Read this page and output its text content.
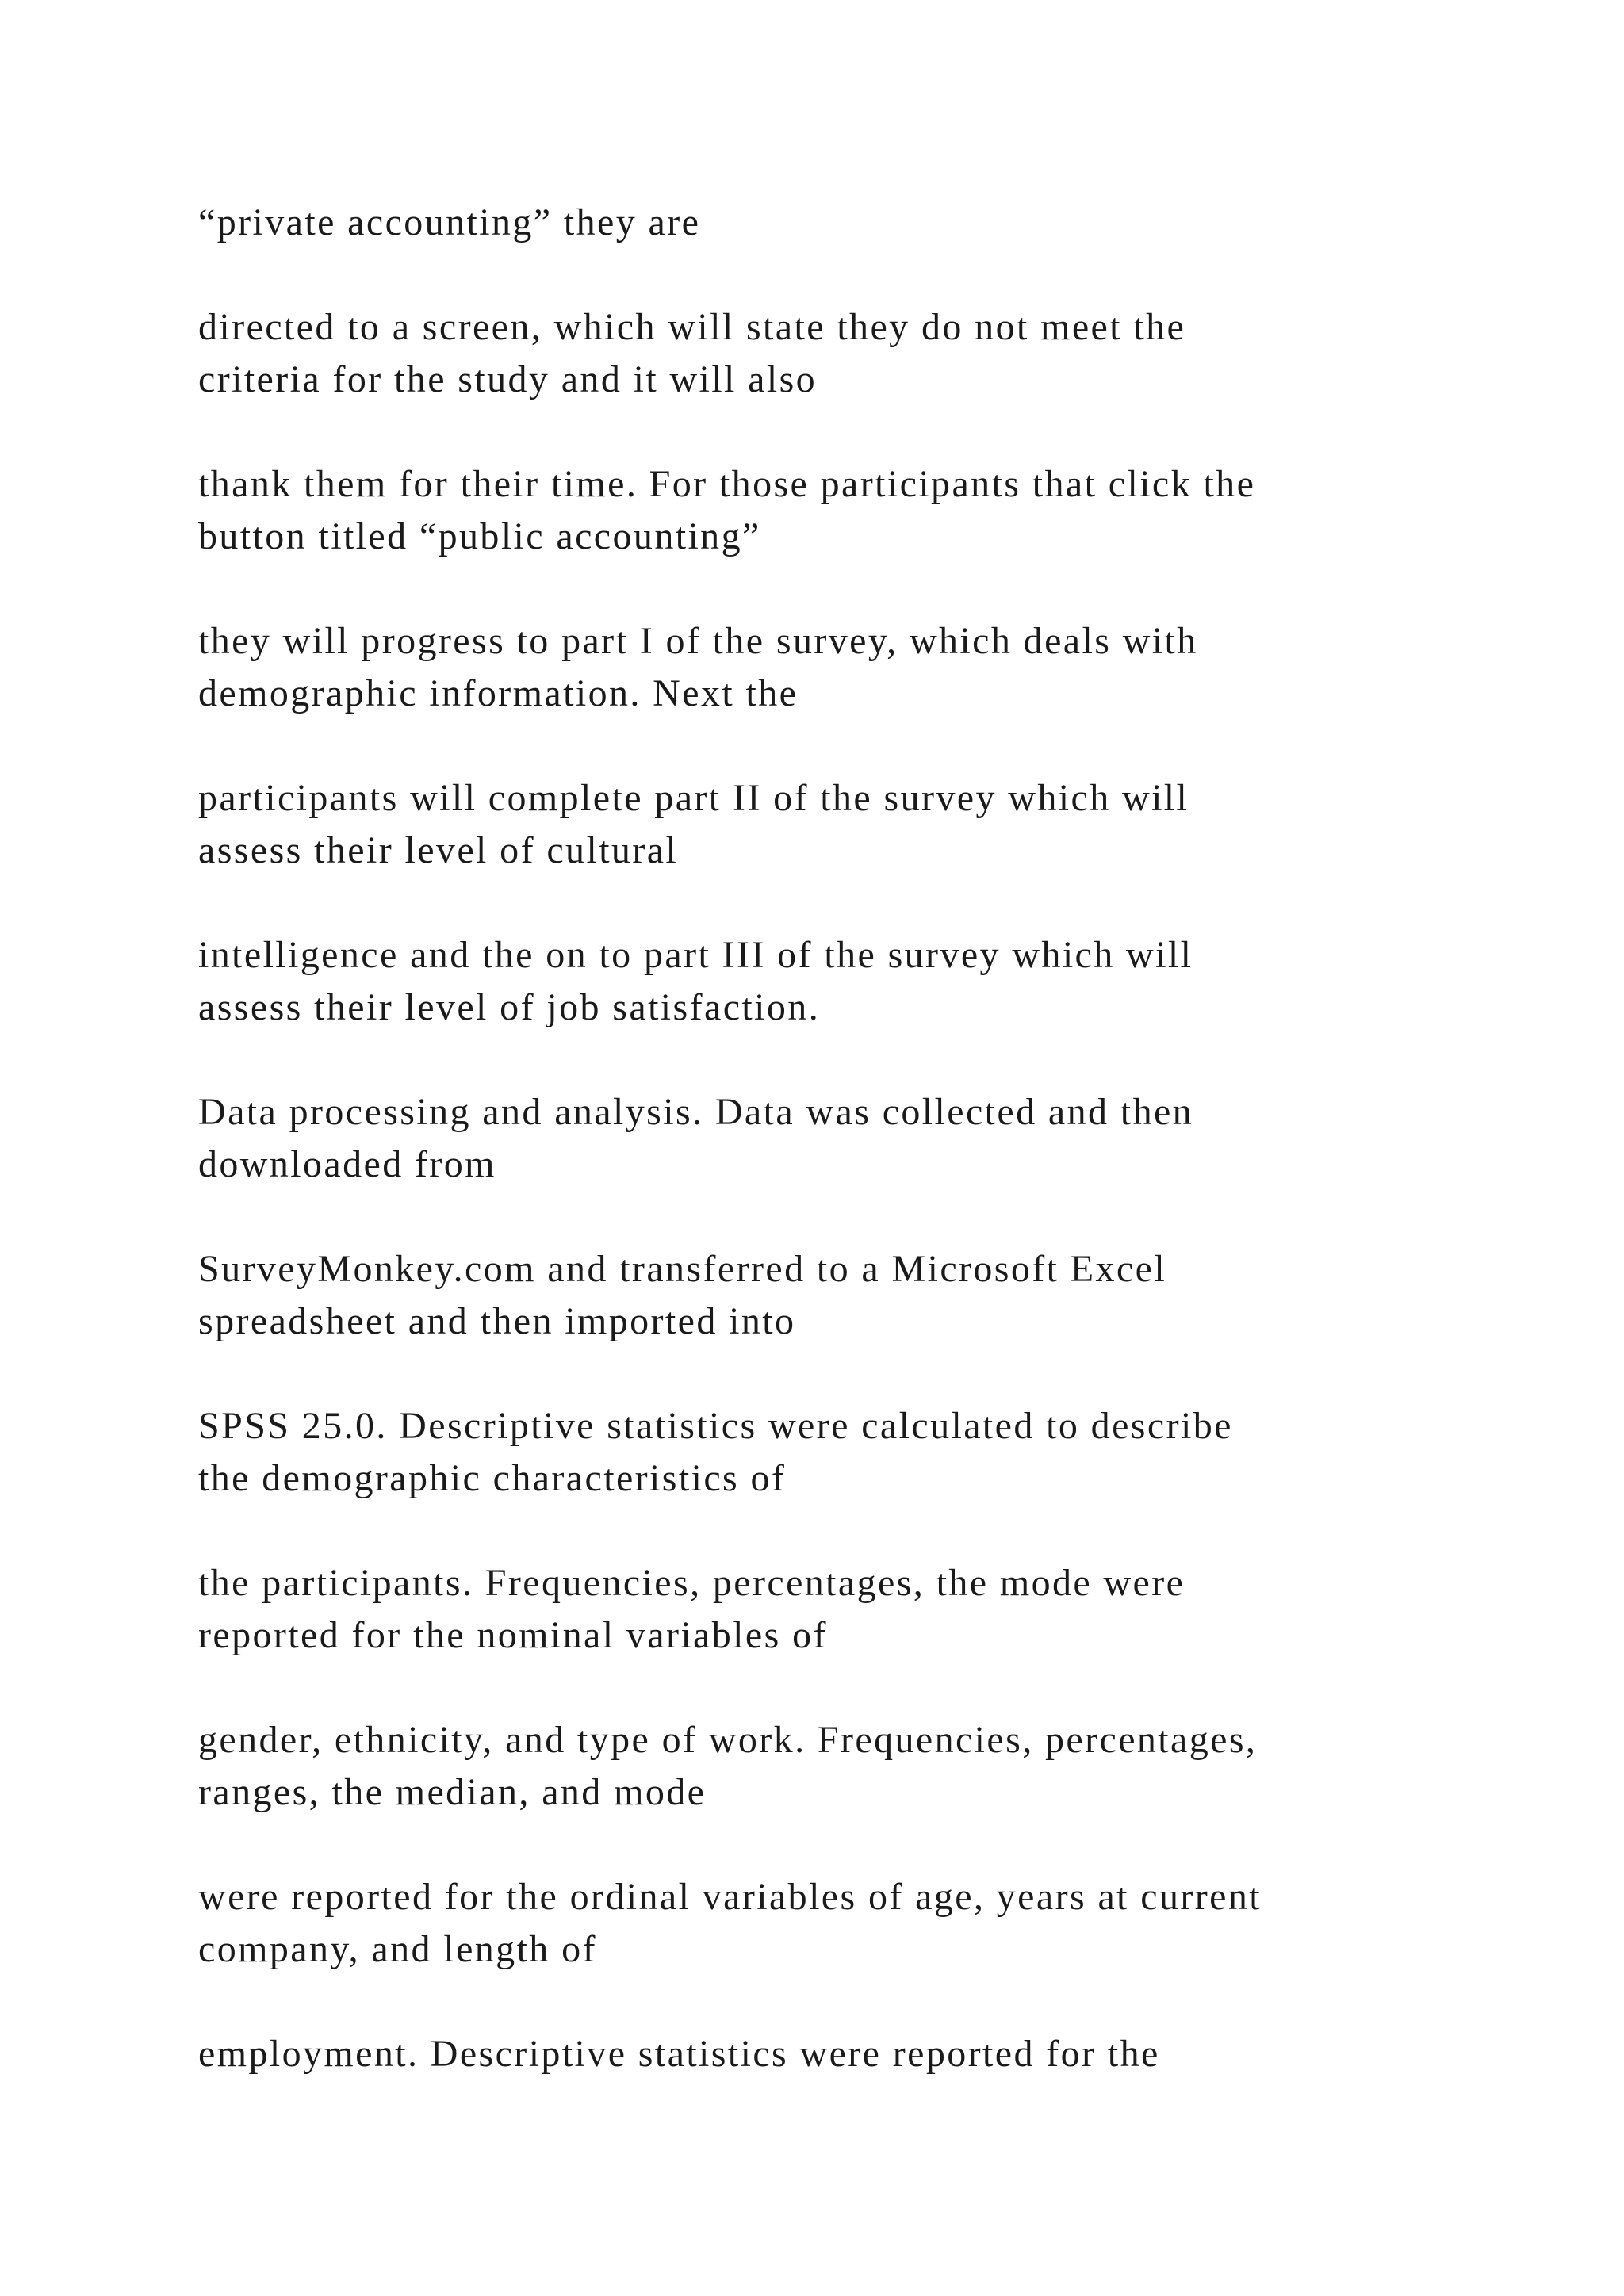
“private accounting” they are

directed to a screen, which will state they do not meet the
criteria for the study and it will also

thank them for their time. For those participants that click the
button titled “public accounting”

they will progress to part I of the survey, which deals with
demographic information. Next the

participants will complete part II of the survey which will
assess their level of cultural

intelligence and the on to part III of the survey which will
assess their level of job satisfaction.

Data processing and analysis. Data was collected and then
downloaded from

SurveyMonkey.com and transferred to a Microsoft Excel
spreadsheet and then imported into

SPSS 25.0. Descriptive statistics were calculated to describe
the demographic characteristics of

the participants. Frequencies, percentages, the mode were
reported for the nominal variables of

gender, ethnicity, and type of work. Frequencies, percentages,
ranges, the median, and mode

were reported for the ordinal variables of age, years at current
company, and length of

employment. Descriptive statistics were reported for the
